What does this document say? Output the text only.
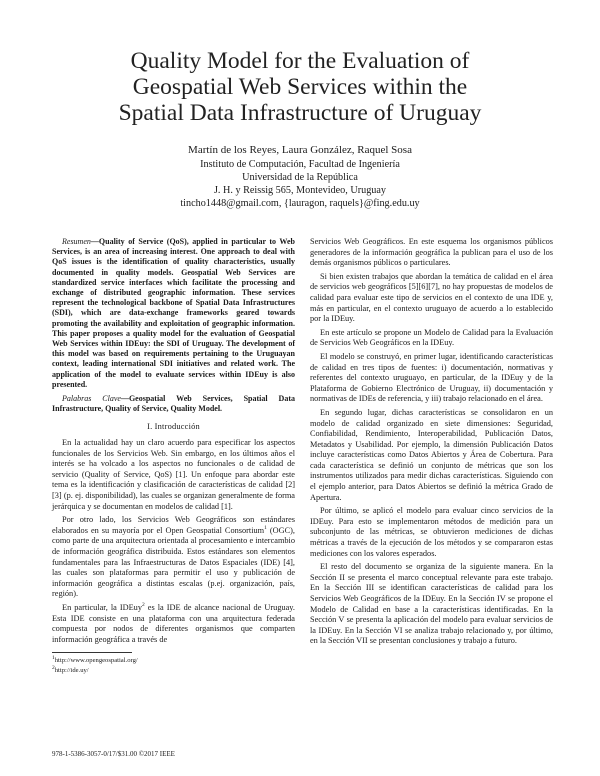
Quality Model for the Evaluation of
Geospatial Web Services within the
Spatial Data Infrastructure of Uruguay
Martín de los Reyes, Laura González, Raquel Sosa
Instituto de Computación, Facultad de Ingeniería
Universidad de la República
J. H. y Reissig 565, Montevideo, Uruguay
tincho1448@gmail.com, {lauragon, raquels}@fing.edu.uy

Resumen—Quality of Service (QoS), applied in particular to Web Services, is an area of increasing interest. One approach to deal with QoS issues is the identification of quality characteristics, usually documented in quality models. Geospatial Web Services are standardized service interfaces which facilitate the processing and exchange of distributed geographic information. These services represent the technological backbone of Spatial Data Infrastructures (SDI), which are data-exchange frameworks geared towards promoting the availability and exploitation of geographic information. This paper proposes a quality model for the evaluation of Geospatial Web Services within IDEuy: the SDI of Uruguay. The development of this model was based on requirements pertaining to the Uruguayan context, leading international SDI initiatives and related work. The application of the model to evaluate services within IDEuy is also presented.

Palabras Clave—Geospatial Web Services, Spatial Data Infrastructure, Quality of Service, Quality Model.

I. Introducción

En la actualidad hay un claro acuerdo para especificar los aspectos funcionales de los Servicios Web. Sin embargo, en los últimos años el interés se ha volcado a los aspectos no funcionales o de calidad de servicio (Quality of Service, QoS) [1]. Un enfoque para abordar este tema es la identificación y clasificación de características de calidad [2][3] (p. ej. disponibilidad), las cuales se organizan generalmente de forma jerárquica y se documentan en modelos de calidad [1].

Por otro lado, los Servicios Web Geográficos son estándares elaborados en su mayoría por el Open Geospatial Consortium$^1$ (OGC), como parte de una arquitectura orientada al procesamiento e intercambio de información geográfica distribuida. Estos estándares son elementos fundamentales para las Infraestructuras de Datos Espaciales (IDE) [4], las cuales son plataformas para permitir el uso y publicación de información geográfica a distintas escalas (p.ej. organización, país, región).

En particular, la IDEuy$^2$ es la IDE de alcance nacional de Uruguay. Esta IDE consiste en una plataforma con una arquitectura federada compuesta por nodos de diferentes organismos que comparten información geográfica a través de

$^1$http://www.opengeospatial.org/

$^2$http://ide.uy/

Servicios Web Geográficos. En este esquema los organismos públicos generadores de la información geográfica la publican para el uso de los demás organismos públicos o particulares.

Si bien existen trabajos que abordan la temática de calidad en el área de servicios web geográficos [5][6][7], no hay propuestas de modelos de calidad para evaluar este tipo de servicios en el contexto de una IDE y, más en particular, en el contexto uruguayo de acuerdo a lo establecido por la IDEuy.

En este artículo se propone un Modelo de Calidad para la Evaluación de Servicios Web Geográficos en la IDEuy.

El modelo se construyó, en primer lugar, identificando características de calidad en tres tipos de fuentes: i) documentación, normativas y referentes del contexto uruguayo, en particular, de la IDEuy y de la Plataforma de Gobierno Electrónico de Uruguay, ii) documentación y normativas de IDEs de referencia, y iii) trabajo relacionado en el área.

En segundo lugar, dichas características se consolidaron en un modelo de calidad organizado en siete dimensiones: Seguridad, Confiabilidad, Rendimiento, Interoperabilidad, Publicación Datos, Metadatos y Usabilidad. Por ejemplo, la dimensión Publicación Datos incluye características como Datos Abiertos y Área de Cobertura. Para cada característica se definió un conjunto de métricas que son los instrumentos utilizados para medir dichas características. Siguiendo con el ejemplo anterior, para Datos Abiertos se definió la métrica Grado de Apertura.

Por último, se aplicó el modelo para evaluar cinco servicios de la IDEuy. Para esto se implementaron métodos de medición para un subconjunto de las métricas, se obtuvieron mediciones de dichas métricas a través de la ejecución de los métodos y se compararon estas mediciones con los valores esperados.

El resto del documento se organiza de la siguiente manera. En la Sección II se presenta el marco conceptual relevante para este trabajo. En la Sección III se identifican características de calidad para los Servicios Web Geográficos de la IDEuy. En la Sección IV se propone el Modelo de Calidad en base a la características identificadas. En la Sección V se presenta la aplicación del modelo para evaluar servicios de la IDEuy. En la Sección VI se analiza trabajo relacionado y, por último, en la Sección VII se presentan conclusiones y trabajo a futuro.

978-1-5386-3057-0/17/$31.00 ©2017 IEEE
